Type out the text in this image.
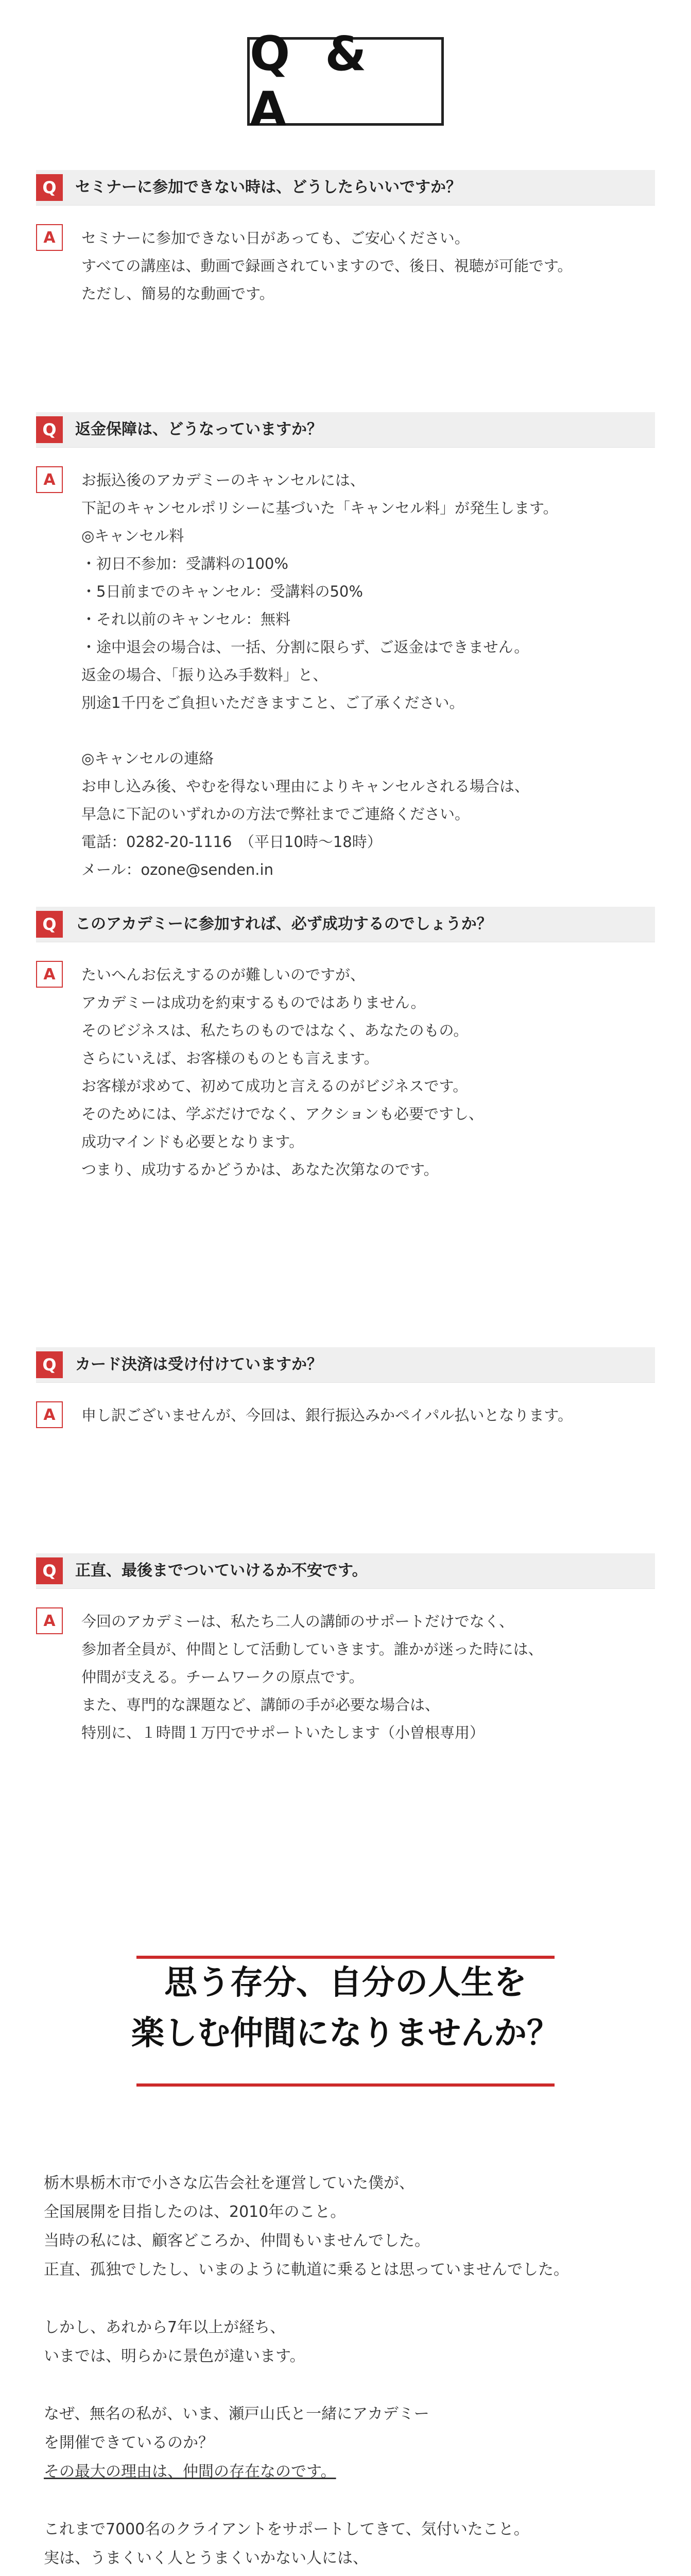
Q & A
Q	セミナーに参加できない時は、どうしたらいいですか？
A	セミナーに参加できない日があっても、ご安心ください。
すべての講座は、動画で録画されていますので、後日、視聴が可能です。
ただし、簡易的な動画です。
Q	返金保障は、どうなっていますか？
A	お振込後のアカデミーのキャンセルには、
下記のキャンセルポリシーに基づいた「キャンセル料」が発生します。
◎キャンセル料
・初日不参加：受講料の100%
・5日前までのキャンセル：受講料の50%
・それ以前のキャンセル：無料
・途中退会の場合は、一括、分割に限らず、ご返金はできません。
返金の場合、「振り込み手数料」と、
別途1千円をご負担いただきますこと、ご了承ください。
◎キャンセルの連絡
お申し込み後、やむを得ない理由によりキャンセルされる場合は、
早急に下記のいずれかの方法で弊社までご連絡ください。
電話：0282-20-1116　（平日10時〜18時）
メール：ozone@senden.in
Q	このアカデミーに参加すれば、必ず成功するのでしょうか？
A	たいへんお伝えするのが難しいのですが、
アカデミーは成功を約束するものではありません。
そのビジネスは、私たちのものではなく、あなたのもの。
さらにいえば、お客様のものとも言えます。
お客様が求めて、初めて成功と言えるのがビジネスです。
そのためには、学ぶだけでなく、アクションも必要ですし、
成功マインドも必要となります。
つまり、成功するかどうかは、あなた次第なのです。
Q	カード決済は受け付けていますか？
A	申し訳ございませんが、今回は、銀行振込みかペイパル払いとなります。
Q	正直、最後までついていけるか不安です。
A	今回のアカデミーは、私たち二人の講師のサポートだけでなく、
参加者全員が、仲間として活動していきます。誰かが迷った時には、
仲間が支える。チームワークの原点です。
また、専門的な課題など、講師の手が必要な場合は、
特別に、１時間１万円でサポートいたします（小曽根専用）
思う存分、自分の人生を
楽しむ仲間になりませんか？
栃木県栃木市で小さな広告会社を運営していた僕が、
全国展開を目指したのは、2010年のこと。
当時の私には、顧客どころか、仲間もいませんでした。
正直、孤独でしたし、いまのように軌道に乗るとは思っていませんでした。
しかし、あれから7年以上が経ち、
いまでは、明らかに景色が違います。
なぜ、無名の私が、いま、瀬戸山氏と一緒にアカデミー
を開催できているのか？
その最大の理由は、仲間の存在なのです。
これまで7000名のクライアントをサポートしてきて、気付いたこと。
実は、うまくいく人とうまくいかない人には、
